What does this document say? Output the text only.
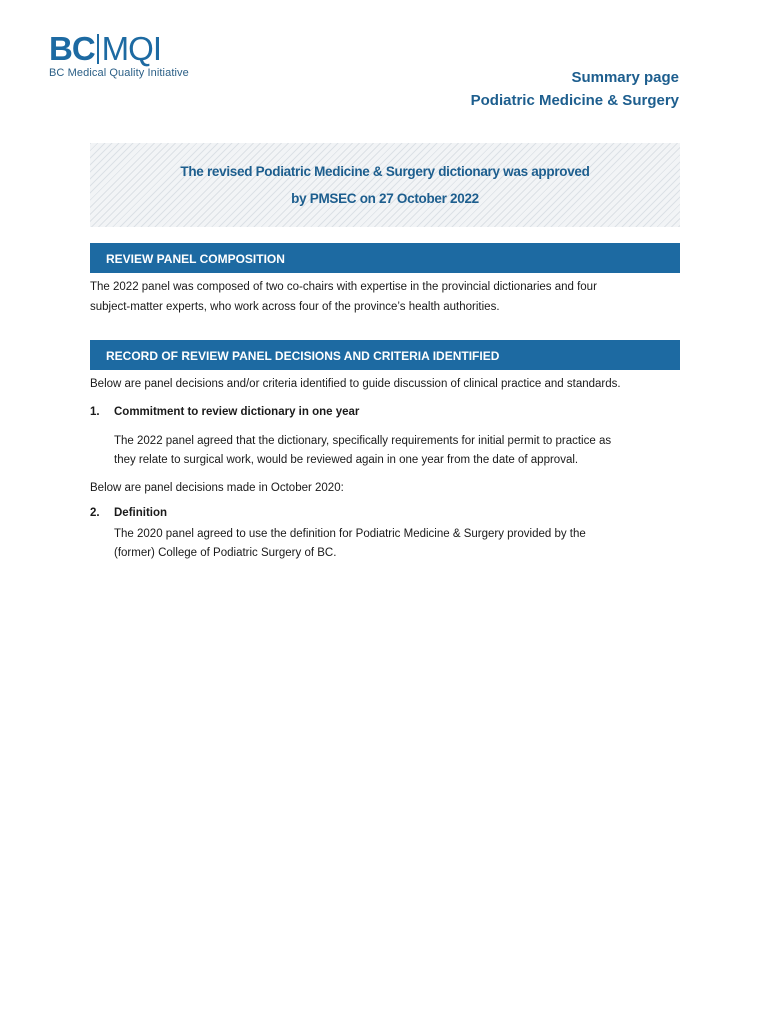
BC MQI
BC Medical Quality Initiative	Summary page
Podiatric Medicine & Surgery
The revised Podiatric Medicine & Surgery dictionary was approved
by PMSEC on 27 October 2022
REVIEW PANEL COMPOSITION
The 2022 panel was composed of two co-chairs with expertise in the provincial dictionaries and four
subject-matter experts, who work across four of the province’s health authorities.
RECORD OF REVIEW PANEL DECISIONS AND CRITERIA IDENTIFIED
Below are panel decisions and/or criteria identified to guide discussion of clinical practice and standards.
1. Commitment to review dictionary in one year
The 2022 panel agreed that the dictionary, specifically requirements for initial permit to practice as
they relate to surgical work, would be reviewed again in one year from the date of approval.
Below are panel decisions made in October 2020:
2. Definition
The 2020 panel agreed to use the definition for Podiatric Medicine & Surgery provided by the
(former) College of Podiatric Surgery of BC.
